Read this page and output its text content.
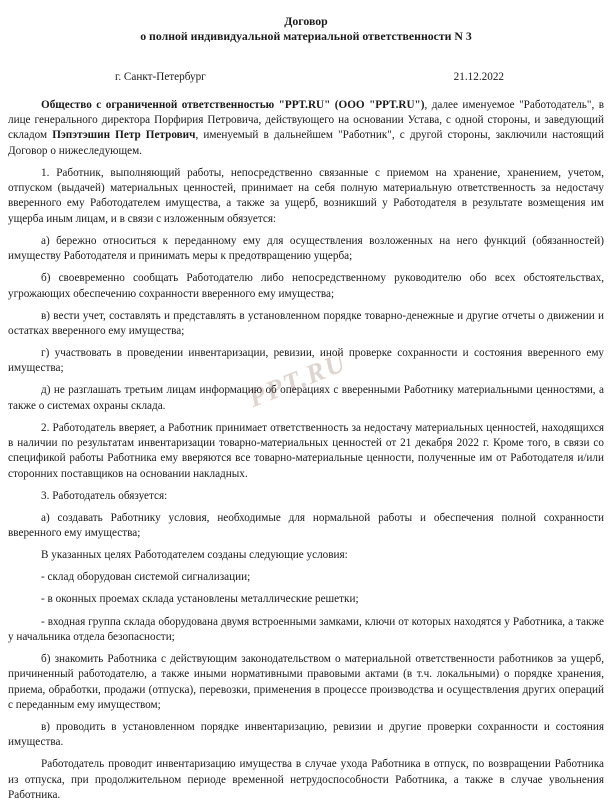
PPT.RU

Договор

о полной индивидуальной материальной ответственности N 3

г. Санкт-Петербург	21.12.2022

Общество с ограниченной ответственностью "PPT.RU" (ООО "PPT.RU"), далее именуемое "Работодатель", в лице генерального директора Порфирия Петровича, действующего на основании Устава, с одной стороны, и заведующий складом Пэпэтэшин Петр Петрович, именуемый в дальнейшем "Работник", с другой стороны, заключили настоящий Договор о нижеследующем.

1. Работник, выполняющий работы, непосредственно связанные с приемом на хранение, хранением, учетом, отпуском (выдачей) материальных ценностей, принимает на себя полную материальную ответственность за недостачу вверенного ему Работодателем имущества, а также за ущерб, возникший у Работодателя в результате возмещения им ущерба иным лицам, и в связи с изложенным обязуется:

а) бережно относиться к переданному ему для осуществления возложенных на него функций (обязанностей) имуществу Работодателя и принимать меры к предотвращению ущерба;

б) своевременно сообщать Работодателю либо непосредственному руководителю обо всех обстоятельствах, угрожающих обеспечению сохранности вверенного ему имущества;

в) вести учет, составлять и представлять в установленном порядке товарно-денежные и другие отчеты о движении и остатках вверенного ему имущества;

г) участвовать в проведении инвентаризации, ревизии, иной проверке сохранности и состояния вверенного ему имущества;

д) не разглашать третьим лицам информацию об операциях с вверенными Работнику материальными ценностями, а также о системах охраны склада.

2. Работодатель вверяет, а Работник принимает ответственность за недостачу материальных ценностей, находящихся в наличии по результатам инвентаризации товарно-материальных ценностей от 21 декабря 2022 г. Кроме того, в связи со спецификой работы Работника ему вверяются все товарно-материальные ценности, полученные им от Работодателя и/или сторонних поставщиков на основании накладных.

3. Работодатель обязуется:

а) создавать Работнику условия, необходимые для нормальной работы и обеспечения полной сохранности вверенного ему имущества;

В указанных целях Работодателем созданы следующие условия:

- склад оборудован системой сигнализации;

- в оконных проемах склада установлены металлические решетки;

- входная группа склада оборудована двумя встроенными замками, ключи от которых находятся у Работника, а также у начальника отдела безопасности;

б) знакомить Работника с действующим законодательством о материальной ответственности работников за ущерб, причиненный работодателю, а также иными нормативными правовыми актами (в т.ч. локальными) о порядке хранения, приема, обработки, продажи (отпуска), перевозки, применения в процессе производства и осуществления других операций с переданным ему имуществом;

в) проводить в установленном порядке инвентаризацию, ревизии и другие проверки сохранности и состояния имущества.

Работодатель проводит инвентаризацию имущества в случае ухода Работника в отпуск, по возвращении Работника из отпуска, при продолжительном периоде временной нетрудоспособности Работника, а также в случае увольнения Работника.
